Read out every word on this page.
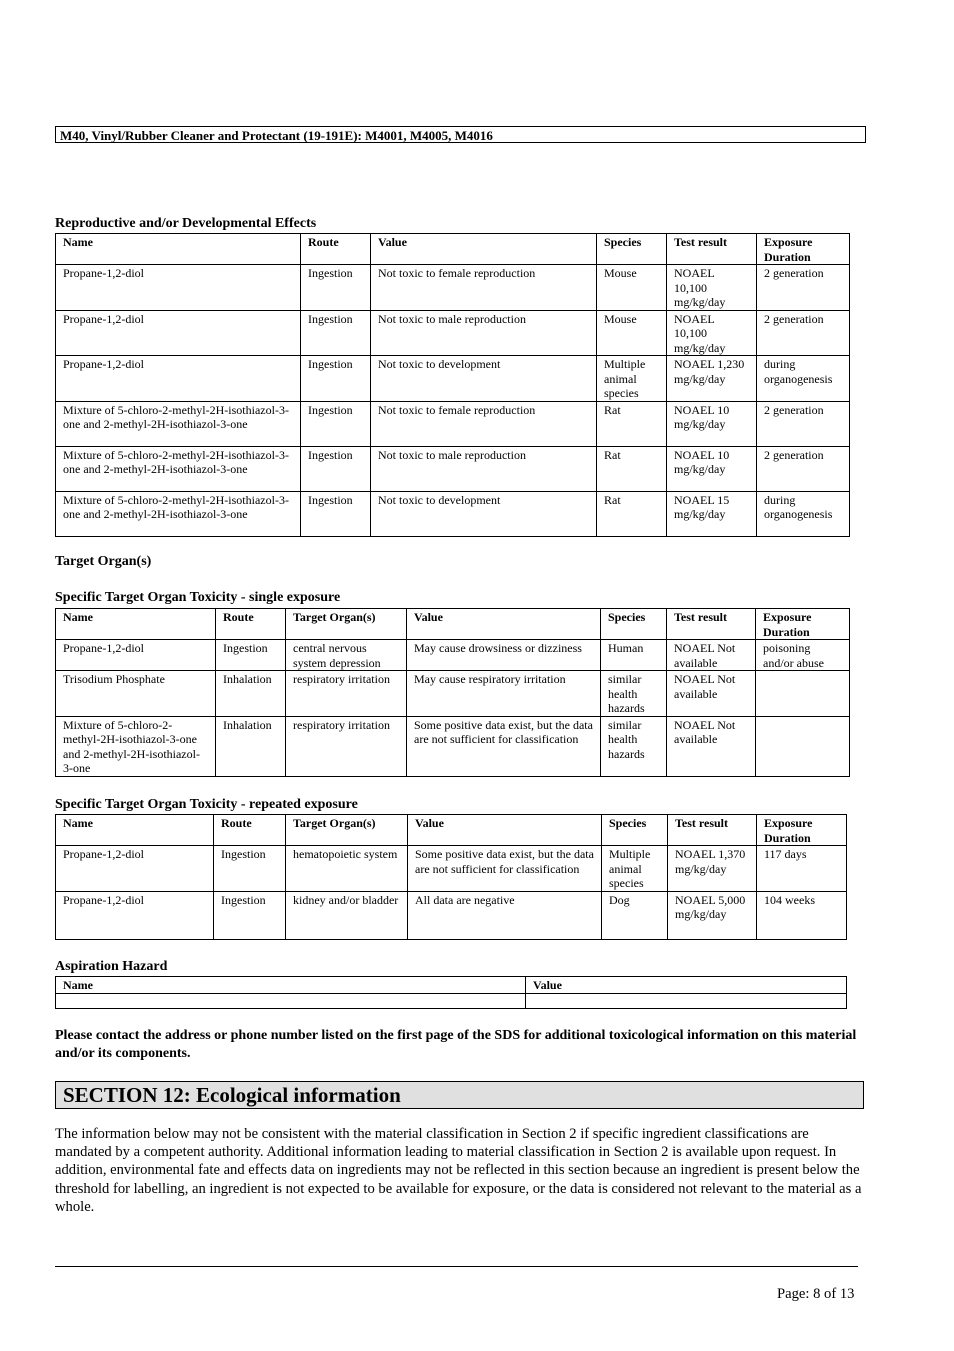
M40, Vinyl/Rubber Cleaner and Protectant (19-191E): M4001, M4005, M4016
Reproductive and/or Developmental Effects
Name	Route	Value	Species	Test result	Exposure Duration
Propane-1,2-diol	Ingestion	Not toxic to female reproduction	Mouse	NOAEL 10,100 mg/kg/day	2 generation
Propane-1,2-diol	Ingestion	Not toxic to male reproduction	Mouse	NOAEL 10,100 mg/kg/day	2 generation
Propane-1,2-diol	Ingestion	Not toxic to development	Multiple animal species	NOAEL 1,230 mg/kg/day	during organogenesis
Mixture of 5-chloro-2-methyl-2H-isothiazol-3-one and 2-methyl-2H-isothiazol-3-one	Ingestion	Not toxic to female reproduction	Rat	NOAEL 10 mg/kg/day	2 generation
Mixture of 5-chloro-2-methyl-2H-isothiazol-3-one and 2-methyl-2H-isothiazol-3-one	Ingestion	Not toxic to male reproduction	Rat	NOAEL 10 mg/kg/day	2 generation
Mixture of 5-chloro-2-methyl-2H-isothiazol-3-one and 2-methyl-2H-isothiazol-3-one	Ingestion	Not toxic to development	Rat	NOAEL 15 mg/kg/day	during organogenesis
Target Organ(s)
Specific Target Organ Toxicity - single exposure
Name	Route	Target Organ(s)	Value	Species	Test result	Exposure Duration
Propane-1,2-diol	Ingestion	central nervous system depression	May cause drowsiness or dizziness	Human	NOAEL Not available	poisoning and/or abuse
Trisodium Phosphate	Inhalation	respiratory irritation	May cause respiratory irritation	similar health hazards	NOAEL Not available	
Mixture of 5-chloro-2-methyl-2H-isothiazol-3-one and 2-methyl-2H-isothiazol-3-one	Inhalation	respiratory irritation	Some positive data exist, but the data are not sufficient for classification	similar health hazards	NOAEL Not available	
Specific Target Organ Toxicity - repeated exposure
Name	Route	Target Organ(s)	Value	Species	Test result	Exposure Duration
Propane-1,2-diol	Ingestion	hematopoietic system	Some positive data exist, but the data are not sufficient for classification	Multiple animal species	NOAEL 1,370 mg/kg/day	117 days
Propane-1,2-diol	Ingestion	kidney and/or bladder	All data are negative	Dog	NOAEL 5,000 mg/kg/day	104 weeks
Aspiration Hazard
Name	Value

Please contact the address or phone number listed on the first page of the SDS for additional toxicological information on this material and/or its components.
SECTION 12: Ecological information
The information below may not be consistent with the material classification in Section 2 if specific ingredient classifications are mandated by a competent authority. Additional information leading to material classification in Section 2 is available upon request. In addition, environmental fate and effects data on ingredients may not be reflected in this section because an ingredient is present below the threshold for labelling, an ingredient is not expected to be available for exposure, or the data is considered not relevant to the material as a whole.
Page: 8 of 13
